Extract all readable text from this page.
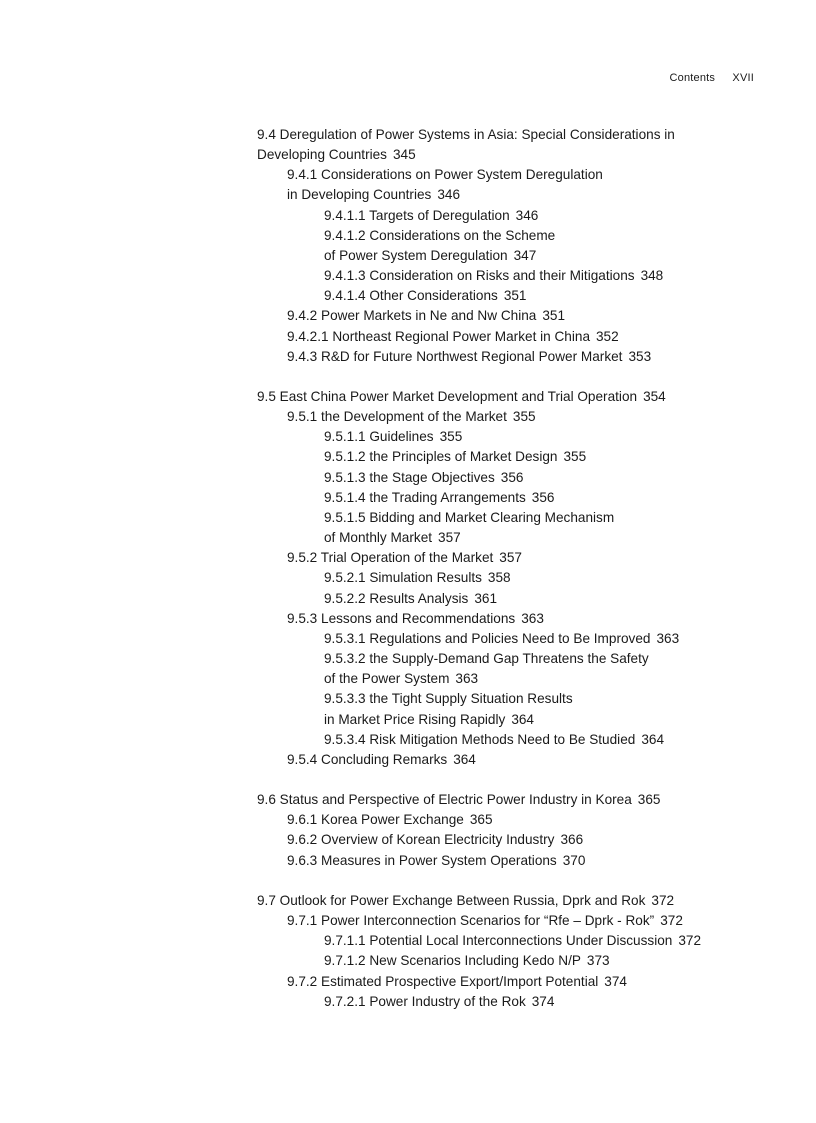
Contents XVII
9.4 Deregulation of Power Systems in Asia: Special Considerations in
Developing Countries 345
9.4.1 Considerations on Power System Deregulation
in Developing Countries 346
9.4.1.1 Targets of Deregulation 346
9.4.1.2 Considerations on the Scheme
of Power System Deregulation 347
9.4.1.3 Consideration on Risks and their Mitigations 348
9.4.1.4 Other Considerations 351
9.4.2 Power Markets in Ne and Nw China 351
9.4.2.1 Northeast Regional Power Market in China 352
9.4.3 R&D for Future Northwest Regional Power Market 353
9.5 East China Power Market Development and Trial Operation 354
9.5.1 the Development of the Market 355
9.5.1.1 Guidelines 355
9.5.1.2 the Principles of Market Design 355
9.5.1.3 the Stage Objectives 356
9.5.1.4 the Trading Arrangements 356
9.5.1.5 Bidding and Market Clearing Mechanism
of Monthly Market 357
9.5.2 Trial Operation of the Market 357
9.5.2.1 Simulation Results 358
9.5.2.2 Results Analysis 361
9.5.3 Lessons and Recommendations 363
9.5.3.1 Regulations and Policies Need to Be Improved 363
9.5.3.2 the Supply-Demand Gap Threatens the Safety
of the Power System 363
9.5.3.3 the Tight Supply Situation Results
in Market Price Rising Rapidly 364
9.5.3.4 Risk Mitigation Methods Need to Be Studied 364
9.5.4 Concluding Remarks 364
9.6 Status and Perspective of Electric Power Industry in Korea 365
9.6.1 Korea Power Exchange 365
9.6.2 Overview of Korean Electricity Industry 366
9.6.3 Measures in Power System Operations 370
9.7 Outlook for Power Exchange Between Russia, Dprk and Rok 372
9.7.1 Power Interconnection Scenarios for “Rfe – Dprk - Rok” 372
9.7.1.1 Potential Local Interconnections Under Discussion 372
9.7.1.2 New Scenarios Including Kedo N/P 373
9.7.2 Estimated Prospective Export/Import Potential 374
9.7.2.1 Power Industry of the Rok 374
